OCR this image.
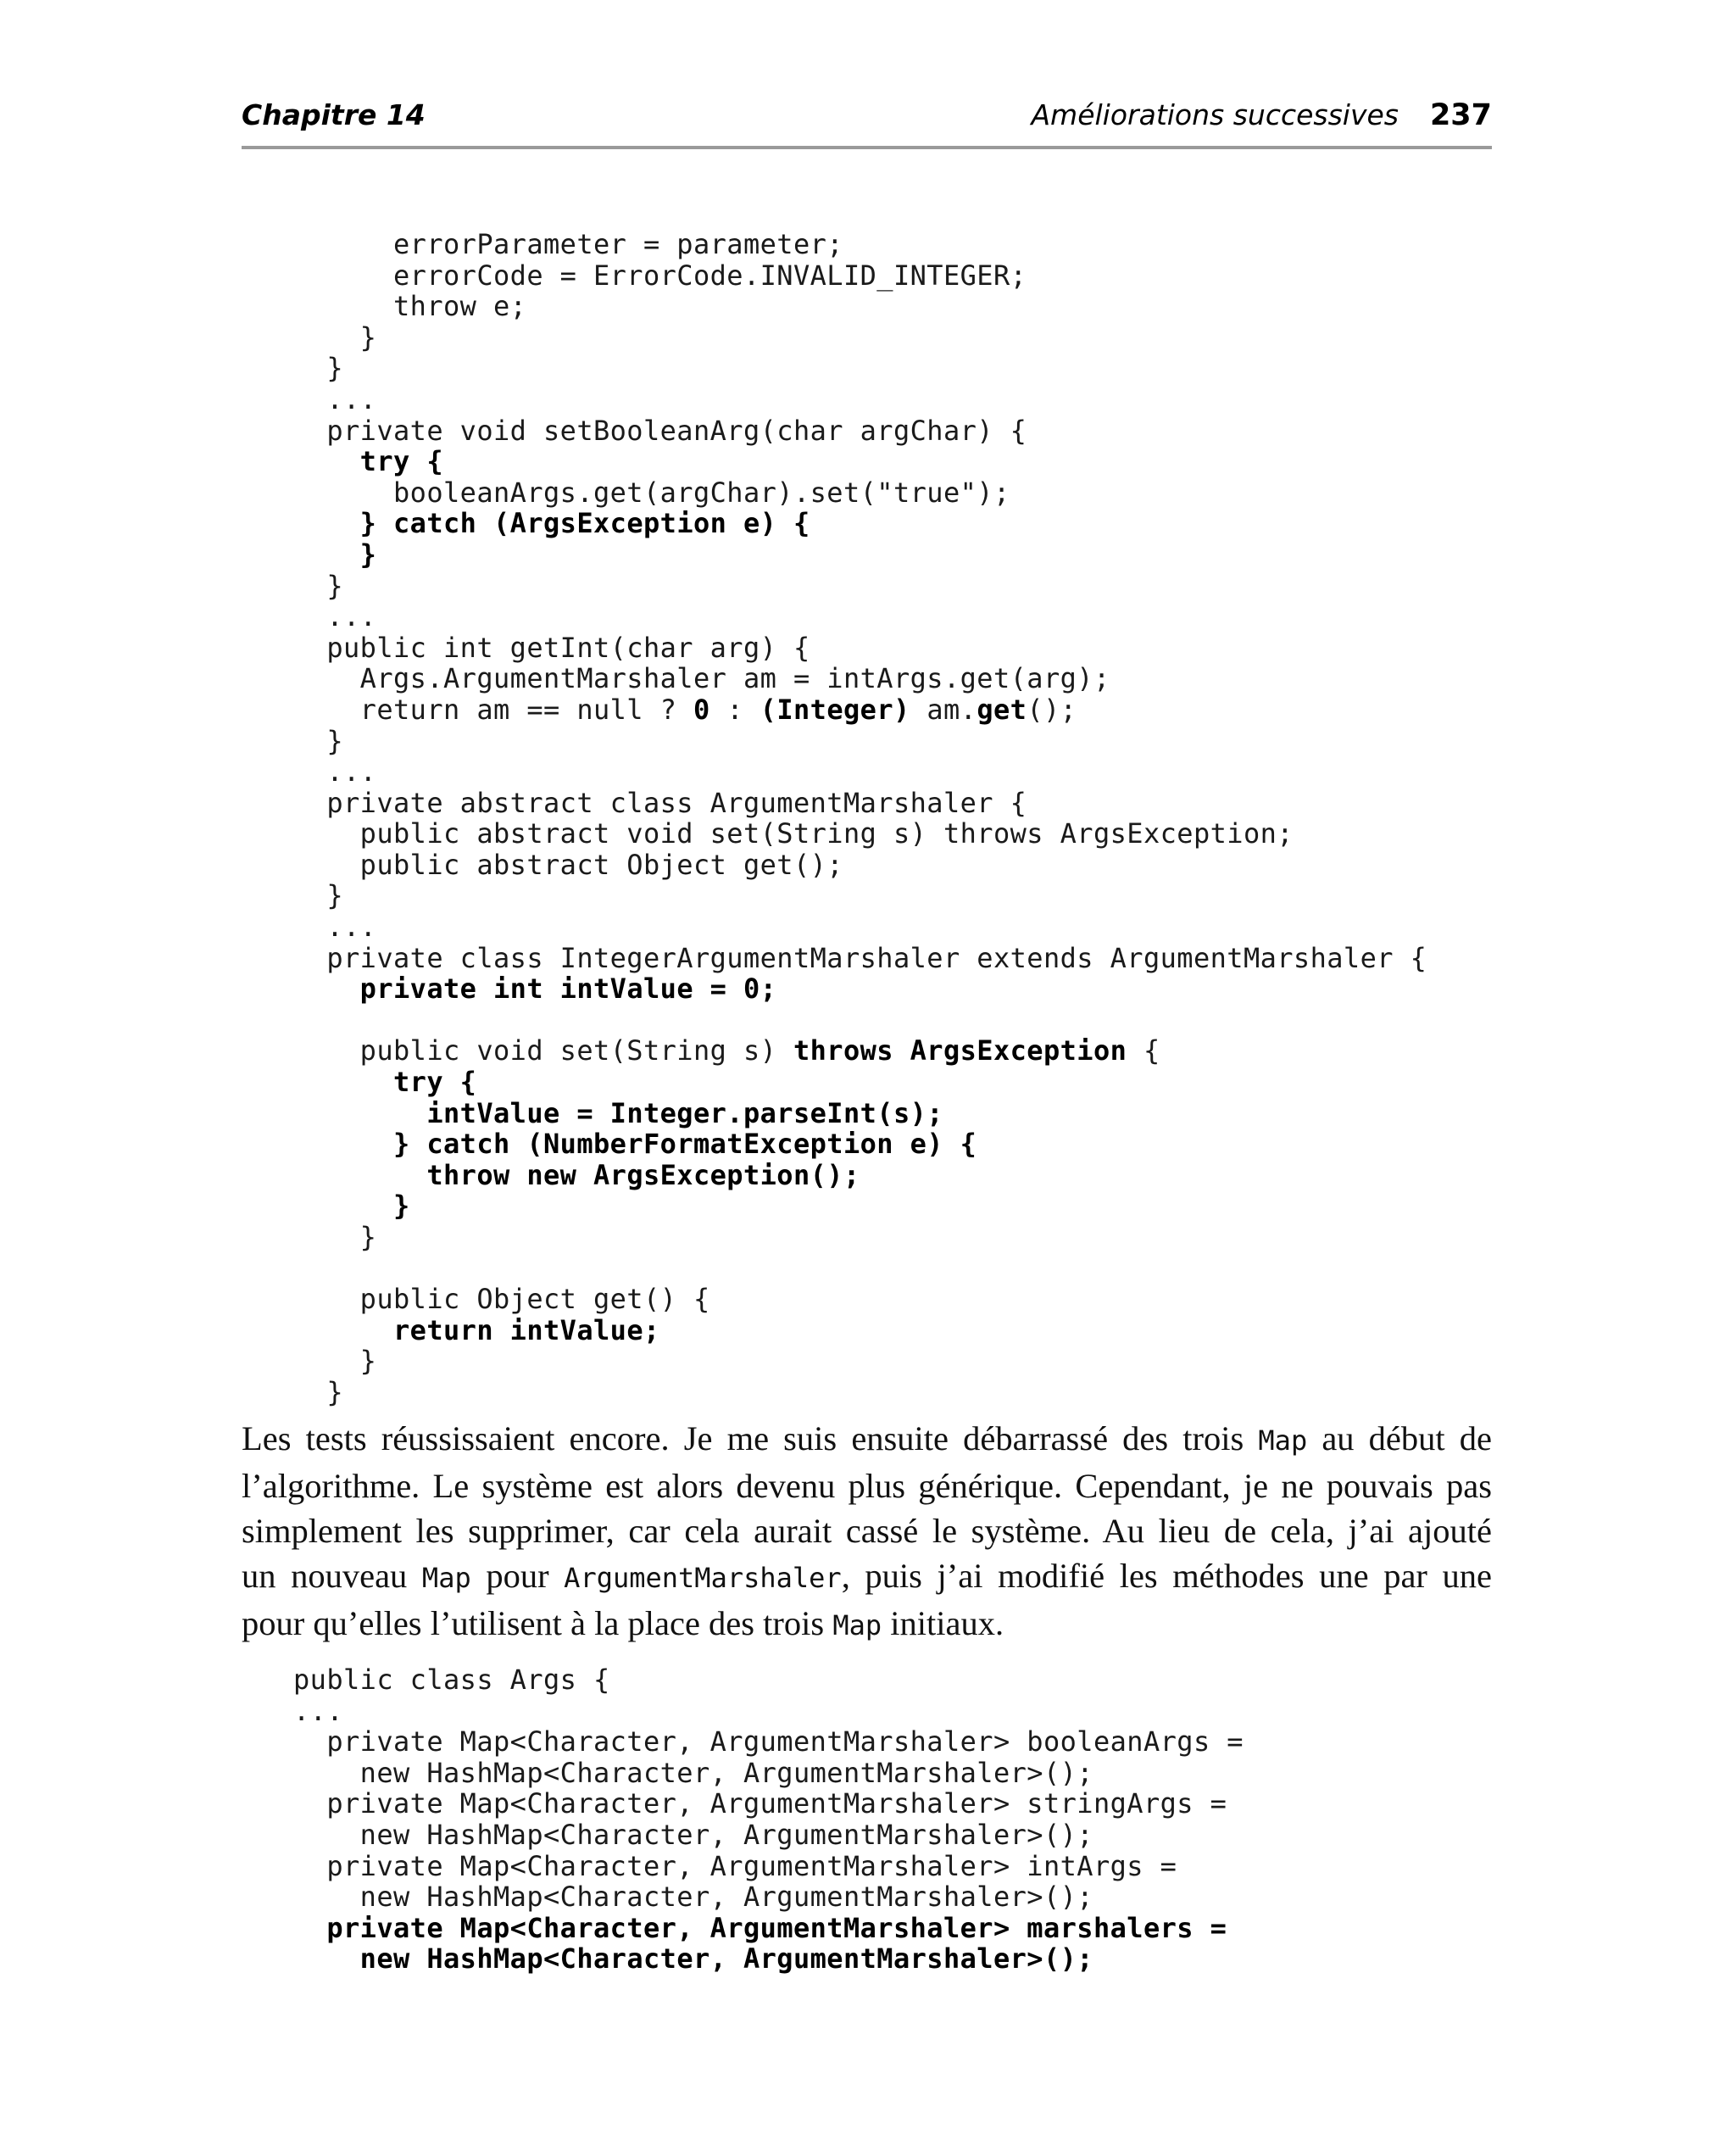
Chapitre 14	Améliorations successives 237
errorParameter = parameter;
errorCode = ErrorCode.INVALID_INTEGER;
throw e;
}
}
...
private void setBooleanArg(char argChar) {
try {
booleanArgs.get(argChar).set("true");
} catch (ArgsException e) {
}
}
...
public int getInt(char arg) {
Args.ArgumentMarshaler am = intArgs.get(arg);
return am == null ? 0 : (Integer) am.get();
}
...
private abstract class ArgumentMarshaler {
public abstract void set(String s) throws ArgsException;
public abstract Object get();
}
...
private class IntegerArgumentMarshaler extends ArgumentMarshaler {
private int intValue = 0;
public void set(String s) throws ArgsException {
try {
intValue = Integer.parseInt(s);
} catch (NumberFormatException e) {
throw new ArgsException();
}
}
public Object get() {
return intValue;
}
}
Les tests réussissaient encore. Je me suis ensuite débarrassé des trois Map au début de
l’algorithme. Le système est alors devenu plus générique. Cependant, je ne pouvais pas
simplement les supprimer, car cela aurait cassé le système. Au lieu de cela, j’ai ajouté
un nouveau Map pour ArgumentMarshaler, puis j’ai modifié les méthodes une par une
pour qu’elles l’utilisent à la place des trois Map initiaux.
public class Args {
...
private Map<Character, ArgumentMarshaler> booleanArgs =
new HashMap<Character, ArgumentMarshaler>();
private Map<Character, ArgumentMarshaler> stringArgs =
new HashMap<Character, ArgumentMarshaler>();
private Map<Character, ArgumentMarshaler> intArgs =
new HashMap<Character, ArgumentMarshaler>();
private Map<Character, ArgumentMarshaler> marshalers =
new HashMap<Character, ArgumentMarshaler>();
